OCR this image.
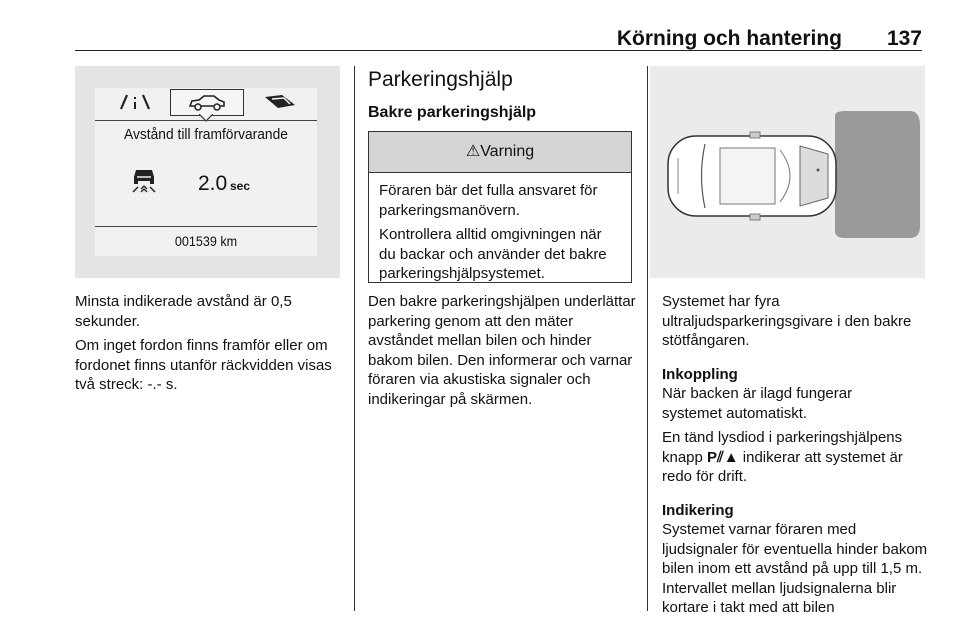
Körning och hantering 137
Avstånd till framförvarande
2.0 sec
001539 km

Minsta indikerade avstånd är 0,5 sekunder.

Om inget fordon finns framför eller om fordonet finns utanför räckvidden visas två streck: -.- s.

Parkeringshjälp
Bakre parkeringshjälp
⚠Varning

Föraren bär det fulla ansvaret för parkeringsmanövern.

Kontrollera alltid omgivningen när du backar och använder det bakre parkeringshjälpsystemet.

Den bakre parkeringshjälpen underlättar parkering genom att den mäter avståndet mellan bilen och hinder bakom bilen. Den informerar och varnar föraren via akustiska signaler och indikeringar på skärmen.

Systemet har fyra ultraljudsparkeringsgivare i den bakre stötfångaren.

Inkoppling

När backen är ilagd fungerar systemet automatiskt.

En tänd lysdiod i parkeringshjälpens knapp P⫽▲ indikerar att systemet är redo för drift.

Indikering

Systemet varnar föraren med ljudsignaler för eventuella hinder bakom bilen inom ett avstånd på upp till 1,5 m. Intervallet mellan ljudsignalerna blir kortare i takt med att bilen
